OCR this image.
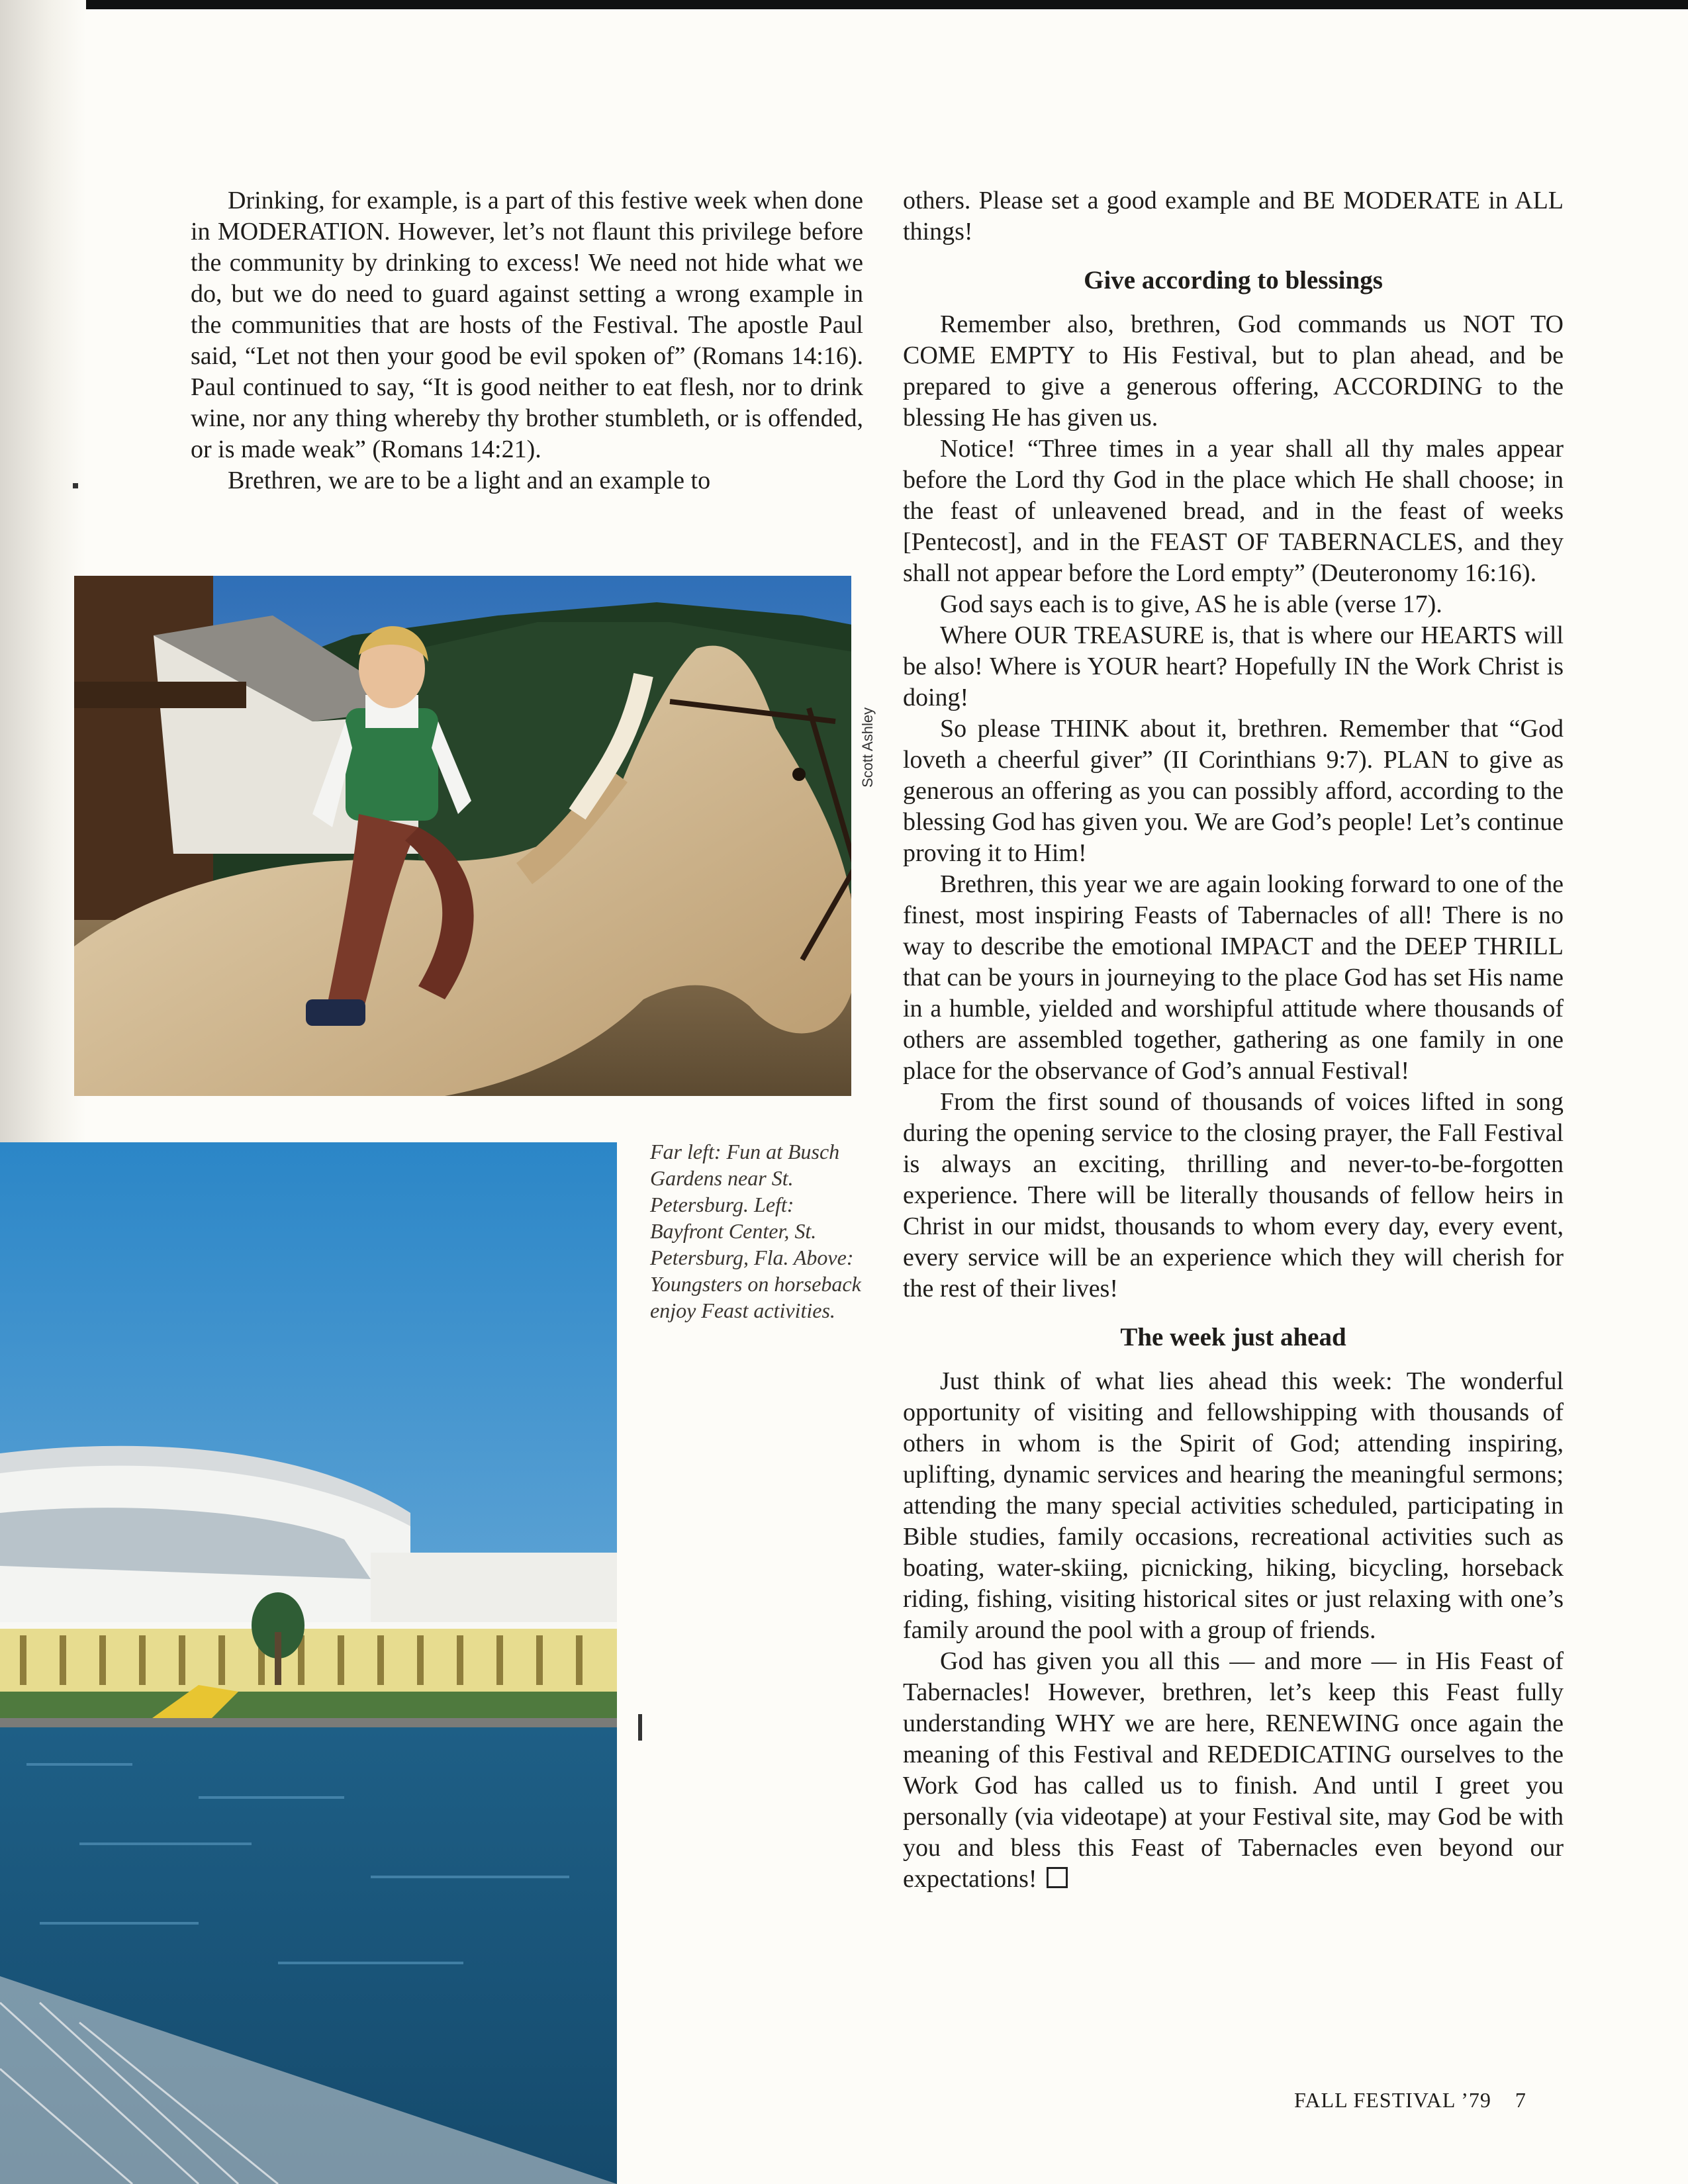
Drinking, for example, is a part of this festive week when done in MODERATION. However, let’s not flaunt this privilege before the community by drinking to excess! We need not hide what we do, but we do need to guard against setting a wrong example in the communities that are hosts of the Festival. The apostle Paul said, “Let not then your good be evil spoken of” (Romans 14:16). Paul continued to say, “It is good neither to eat flesh, nor to drink wine, nor any thing whereby thy brother stumbleth, or is offended, or is made weak” (Romans 14:21).

Brethren, we are to be a light and an example to

Scott Ashley
Far left: Fun at Busch Gardens near St. Petersburg. Left: Bayfront Center, St. Petersburg, Fla. Above: Youngsters on horseback enjoy Feast activities.

others. Please set a good example and BE MODERATE in ALL things!

Give according to blessings

Remember also, brethren, God commands us NOT TO COME EMPTY to His Festival, but to plan ahead, and be prepared to give a generous offering, ACCORDING to the blessing He has given us.

Notice! “Three times in a year shall all thy males appear before the Lord thy God in the place which He shall choose; in the feast of unleavened bread, and in the feast of weeks [Pentecost], and in the FEAST OF TABERNACLES, and they shall not appear before the Lord empty” (Deuteronomy 16:16).

God says each is to give, AS he is able (verse 17).

Where OUR TREASURE is, that is where our HEARTS will be also! Where is YOUR heart? Hopefully IN the Work Christ is doing!

So please THINK about it, brethren. Remember that “God loveth a cheerful giver” (II Corinthians 9:7). PLAN to give as generous an offering as you can possibly afford, according to the blessing God has given you. We are God’s people! Let’s continue proving it to Him!

Brethren, this year we are again looking forward to one of the finest, most inspiring Feasts of Tabernacles of all! There is no way to describe the emotional IMPACT and the DEEP THRILL that can be yours in journeying to the place God has set His name in a humble, yielded and worshipful attitude where thousands of others are assembled together, gathering as one family in one place for the observance of God’s annual Festival!

From the first sound of thousands of voices lifted in song during the opening service to the closing prayer, the Fall Festival is always an exciting, thrilling and never-to-be-forgotten experience. There will be literally thousands of fellow heirs in Christ in our midst, thousands to whom every day, every event, every service will be an experience which they will cherish for the rest of their lives!

The week just ahead

Just think of what lies ahead this week: The wonderful opportunity of visiting and fellowshipping with thousands of others in whom is the Spirit of God; attending inspiring, uplifting, dynamic services and hearing the meaningful sermons; attending the many special activities scheduled, participating in Bible studies, family occasions, recreational activities such as boating, water-skiing, picnicking, hiking, bicycling, horseback riding, fishing, visiting historical sites or just relaxing with one’s family around the pool with a group of friends.

God has given you all this — and more — in His Feast of Tabernacles! However, brethren, let’s keep this Feast fully understanding WHY we are here, RENEWING once again the meaning of this Festival and REDEDICATING ourselves to the Work God has called us to finish. And until I greet you personally (via videotape) at your Festival site, may God be with you and bless this Feast of Tabernacles even beyond our expectations!

FALL FESTIVAL ’79 7
